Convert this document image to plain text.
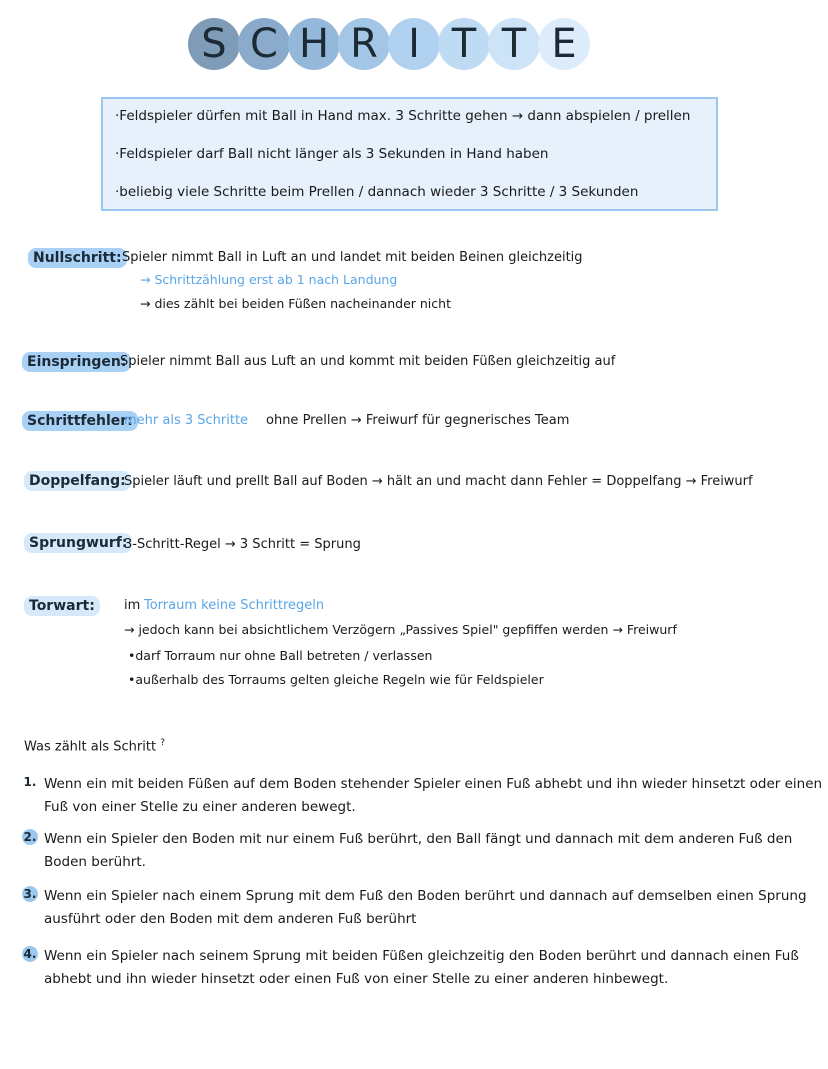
S C H R I T T E
·Feldspieler dürfen mit Ball in Hand max. 3 Schritte gehen → dann abspielen / prellen
·Feldspieler darf Ball nicht länger als 3 Sekunden in Hand haben
·beliebig viele Schritte beim Prellen / dannach wieder 3 Schritte / 3 Sekunden
Nullschritt: Spieler nimmt Ball in Luft an und landet mit beiden Beinen gleichzeitig
→ Schrittzählung erst ab 1 nach Landung
→ dies zählt bei beiden Füßen nacheinander nicht
Einspringen:
Spieler nimmt Ball aus Luft an und kommt mit beiden Füßen gleichzeitig auf
Schrittfehler:
mehr als 3 Schritte ohne Prellen → Freiwurf für gegnerisches Team
Doppelfang:
Spieler läuft und prellt Ball auf Boden → hält an und macht dann Fehler = Doppelfang → Freiwurf
Sprungwurf:
3-Schritt-Regel → 3 Schritt = Sprung
Torwart:	im Torraum keine Schrittregeln
→ jedoch kann bei absichtlichem Verzögern „Passives Spiel" gepfiffen werden → Freiwurf
•darf Torraum nur ohne Ball betreten / verlassen
•außerhalb des Torraums gelten gleiche Regeln wie für Feldspieler
Was zählt als Schritt ?
1. Wenn ein mit beiden Füßen auf dem Boden stehender Spieler einen Fuß abhebt und ihn wieder hinsetzt oder einen Fuß von einer Stelle zu einer anderen bewegt.
2. Wenn ein Spieler den Boden mit nur einem Fuß berührt, den Ball fängt und dannach mit dem anderen Fuß den Boden berührt.
3. Wenn ein Spieler nach einem Sprung mit dem Fuß den Boden berührt und dannach auf demselben einen Sprung ausführt oder den Boden mit dem anderen Fuß berührt
4. Wenn ein Spieler nach seinem Sprung mit beiden Füßen gleichzeitig den Boden berührt und dannach einen Fuß abhebt und ihn wieder hinsetzt oder einen Fuß von einer Stelle zu einer anderen hinbewegt.
